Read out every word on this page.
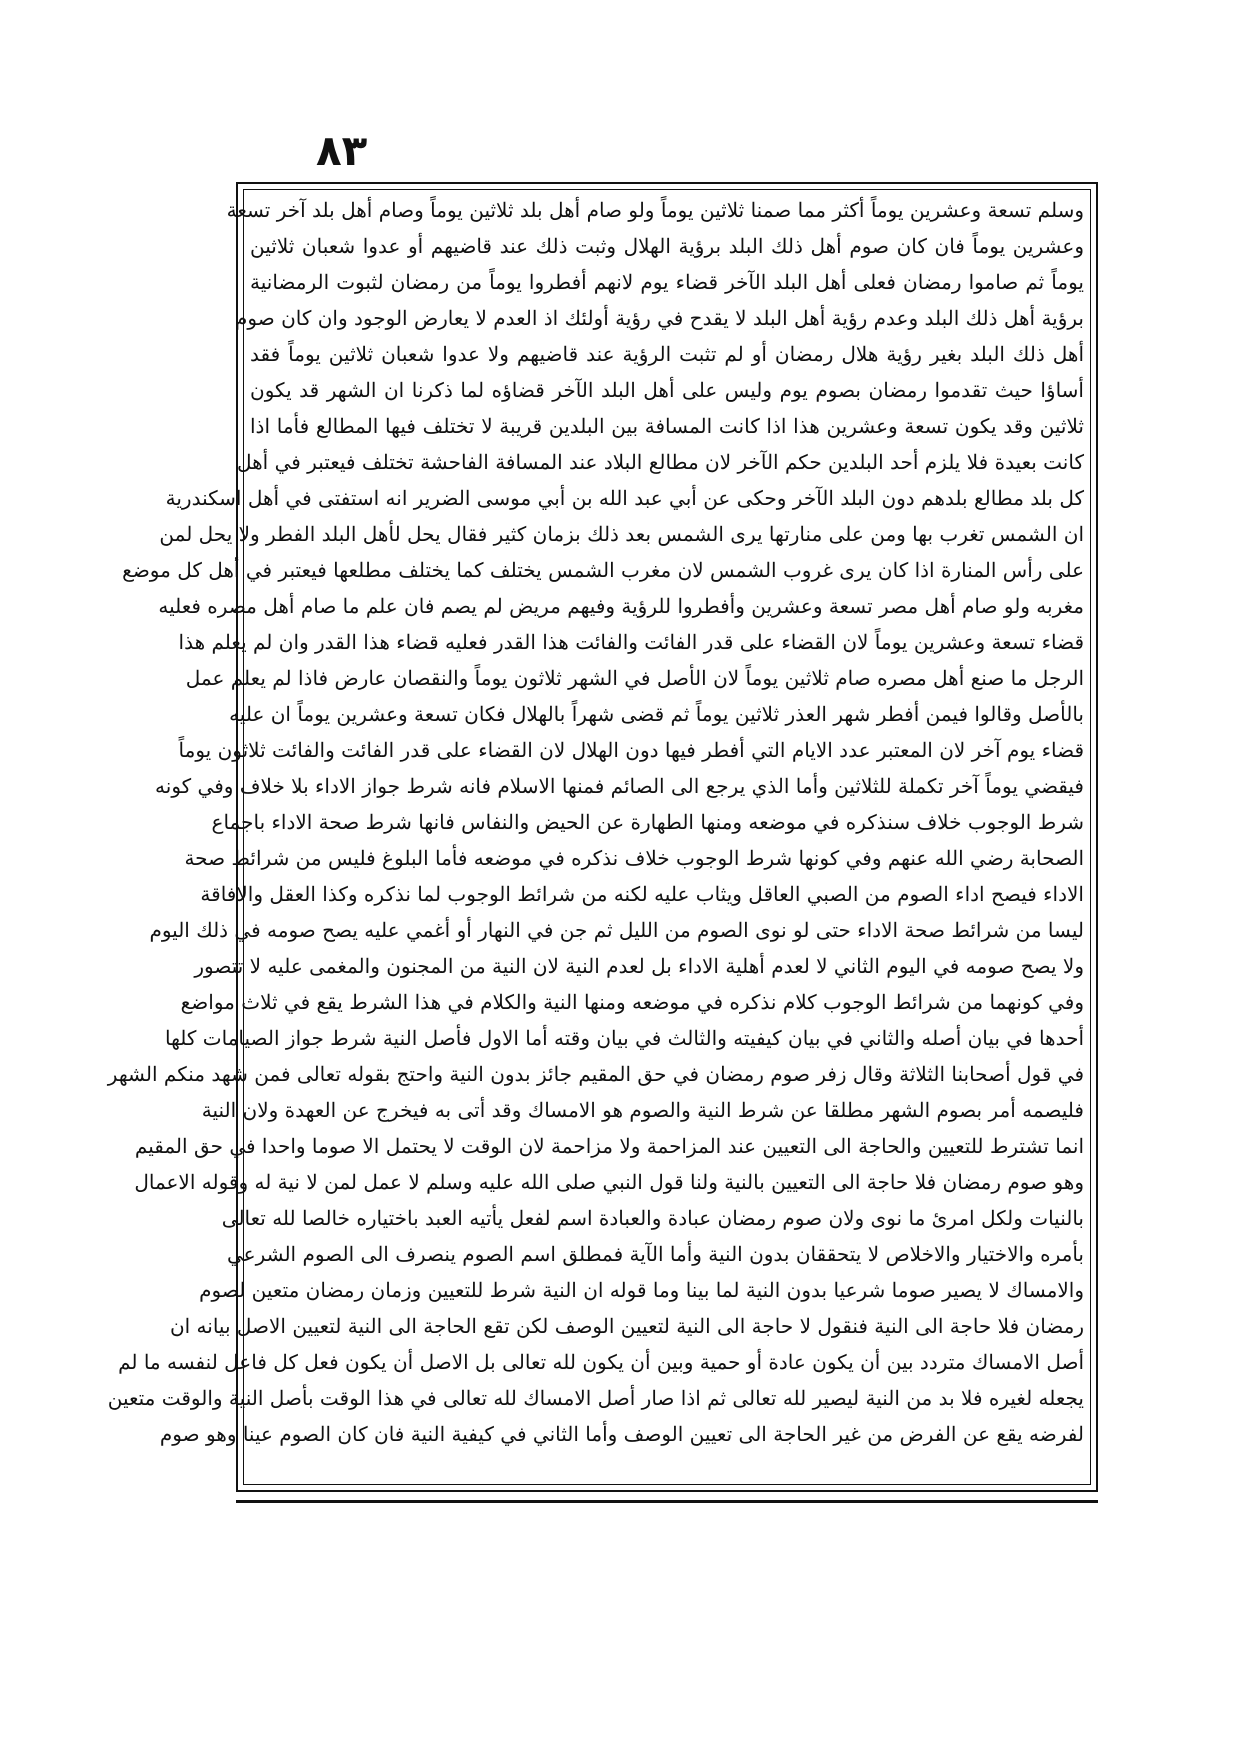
٨٣
وسلم تسعة وعشرين يوماً أكثر مما صمنا ثلاثين يوماً ولو صام أهل بلد ثلاثين يوماً وصام أهل بلد آخر تسعة
وعشرين يوماً فان كان صوم أهل ذلك البلد برؤية الهلال وثبت ذلك عند قاضيهم أو عدوا شعبان ثلاثين
يوماً ثم صاموا رمضان فعلى أهل البلد الآخر قضاء يوم لانهم أفطروا يوماً من رمضان لثبوت الرمضانية
برؤية أهل ذلك البلد وعدم رؤية أهل البلد لا يقدح في رؤية أولئك اذ العدم لا يعارض الوجود وان كان صوم
أهل ذلك البلد بغير رؤية هلال رمضان أو لم تثبت الرؤية عند قاضيهم ولا عدوا شعبان ثلاثين يوماً فقد
أساؤا حيث تقدموا رمضان بصوم يوم وليس على أهل البلد الآخر قضاؤه لما ذكرنا ان الشهر قد يكون
ثلاثين وقد يكون تسعة وعشرين هذا اذا كانت المسافة بين البلدين قريبة لا تختلف فيها المطالع فأما اذا
كانت بعيدة فلا يلزم أحد البلدين حكم الآخر لان مطالع البلاد عند المسافة الفاحشة تختلف فيعتبر في أهل
كل بلد مطالع بلدهم دون البلد الآخر وحكى عن أبي عبد الله بن أبي موسى الضرير انه استفتى في أهل اسكندرية
ان الشمس تغرب بها ومن على منارتها يرى الشمس بعد ذلك بزمان كثير فقال يحل لأهل البلد الفطر ولا يحل لمن
على رأس المنارة اذا كان يرى غروب الشمس لان مغرب الشمس يختلف كما يختلف مطلعها فيعتبر في أهل كل موضع
مغربه ولو صام أهل مصر تسعة وعشرين وأفطروا للرؤية وفيهم مريض لم يصم فان علم ما صام أهل مصره فعليه
قضاء تسعة وعشرين يوماً لان القضاء على قدر الفائت والفائت هذا القدر فعليه قضاء هذا القدر وان لم يعلم هذا
الرجل ما صنع أهل مصره صام ثلاثين يوماً لان الأصل في الشهر ثلاثون يوماً والنقصان عارض فاذا لم يعلم عمل
بالأصل وقالوا فيمن أفطر شهر العذر ثلاثين يوماً ثم قضى شهراً بالهلال فكان تسعة وعشرين يوماً ان عليه
قضاء يوم آخر لان المعتبر عدد الايام التي أفطر فيها دون الهلال لان القضاء على قدر الفائت والفائت ثلاثون يوماً
فيقضي يوماً آخر تكملة للثلاثين وأما الذي يرجع الى الصائم فمنها الاسلام فانه شرط جواز الاداء بلا خلاف وفي كونه
شرط الوجوب خلاف سنذكره في موضعه ومنها الطهارة عن الحيض والنفاس فانها شرط صحة الاداء باجماع
الصحابة رضي الله عنهم وفي كونها شرط الوجوب خلاف نذكره في موضعه فأما البلوغ فليس من شرائط صحة
الاداء فيصح اداء الصوم من الصبي العاقل ويثاب عليه لكنه من شرائط الوجوب لما نذكره وكذا العقل والافاقة
ليسا من شرائط صحة الاداء حتى لو نوى الصوم من الليل ثم جن في النهار أو أغمي عليه يصح صومه في ذلك اليوم
ولا يصح صومه في اليوم الثاني لا لعدم أهلية الاداء بل لعدم النية لان النية من المجنون والمغمى عليه لا تتصور
وفي كونهما من شرائط الوجوب كلام نذكره في موضعه ومنها النية والكلام في هذا الشرط يقع في ثلاث مواضع
أحدها في بيان أصله والثاني في بيان كيفيته والثالث في بيان وقته أما الاول فأصل النية شرط جواز الصيامات كلها
في قول أصحابنا الثلاثة وقال زفر صوم رمضان في حق المقيم جائز بدون النية واحتج بقوله تعالى فمن شهد منكم الشهر
فليصمه أمر بصوم الشهر مطلقا عن شرط النية والصوم هو الامساك وقد أتى به فيخرج عن العهدة ولان النية
انما تشترط للتعيين والحاجة الى التعيين عند المزاحمة ولا مزاحمة لان الوقت لا يحتمل الا صوما واحدا في حق المقيم
وهو صوم رمضان فلا حاجة الى التعيين بالنية ولنا قول النبي صلى الله عليه وسلم لا عمل لمن لا نية له وقوله الاعمال
بالنيات ولكل امرئ ما نوى ولان صوم رمضان عبادة والعبادة اسم لفعل يأتيه العبد باختياره خالصا لله تعالى
بأمره والاختيار والاخلاص لا يتحققان بدون النية وأما الآية فمطلق اسم الصوم ينصرف الى الصوم الشرعي
والامساك لا يصير صوما شرعيا بدون النية لما بينا وما قوله ان النية شرط للتعيين وزمان رمضان متعين لصوم
رمضان فلا حاجة الى النية فنقول لا حاجة الى النية لتعيين الوصف لكن تقع الحاجة الى النية لتعيين الاصل بيانه ان
أصل الامساك متردد بين أن يكون عادة أو حمية وبين أن يكون لله تعالى بل الاصل أن يكون فعل كل فاعل لنفسه ما لم
يجعله لغيره فلا بد من النية ليصير لله تعالى ثم اذا صار أصل الامساك لله تعالى في هذا الوقت بأصل النية والوقت متعين
لفرضه يقع عن الفرض من غير الحاجة الى تعيين الوصف وأما الثاني في كيفية النية فان كان الصوم عينا وهو صوم
